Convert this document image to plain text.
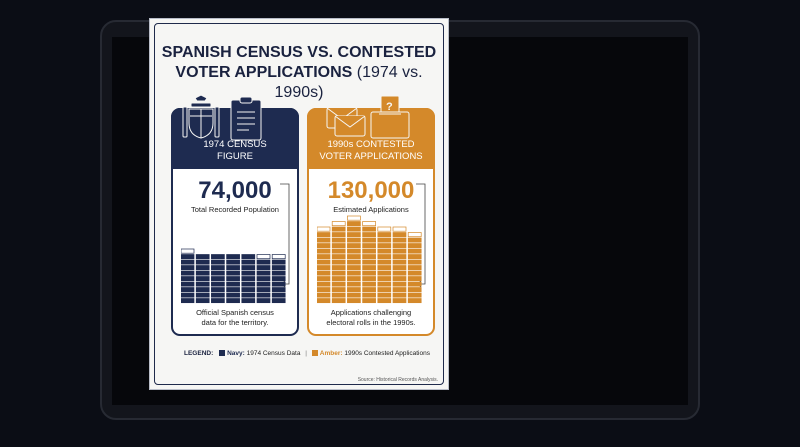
SPANISH CENSUS VS. CONTESTED
VOTER APPLICATIONS (1974 vs. 1990s)
1974 CENSUS
FIGURE
74,000
Total Recorded Population
Official Spanish census
data for the territory.
?
1990s CONTESTED
VOTER APPLICATIONS
130,000
Estimated Applications
Applications challenging
electoral rolls in the 1990s.
LEGEND: Navy: 1974 Census Data | Amber: 1990s Contested Applications
Source: Historical Records Analysis.
